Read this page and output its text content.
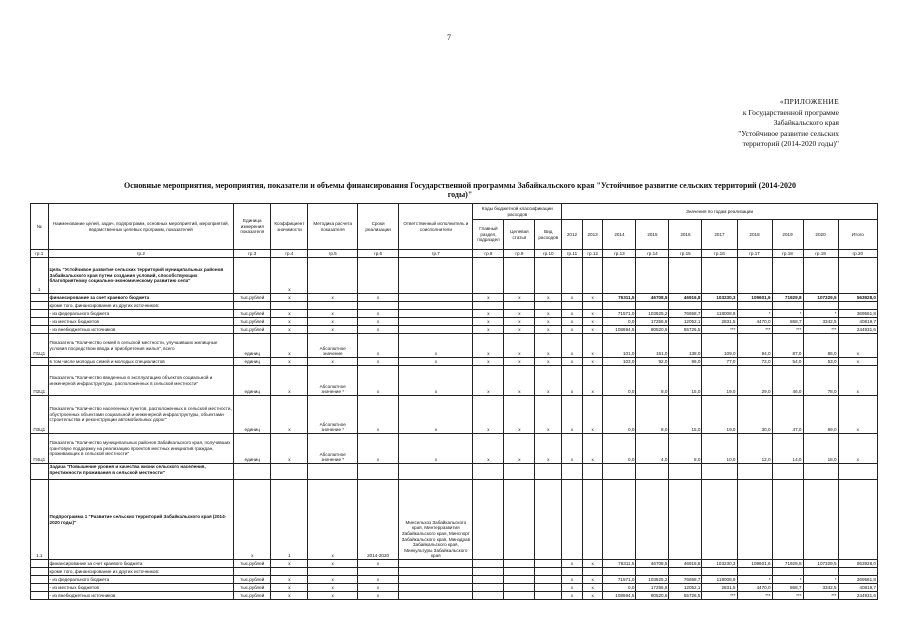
7
«ПРИЛОЖЕНИЕ
к Государственной программе
Забайкальского края
"Устойчивое развитие сельских
территорий (2014-2020 годы)"
Основные мероприятия, мероприятия, показатели и объемы финансирования Государственной программы Забайкальского края "Устойчивое развитие сельских территорий (2014-2020 годы)"
№	Наименование целей, задач, подпрограмм, основных мероприятий, мероприятий, ведомственных целевых программ, показателей	Единица измерения показателя	Коэффициент значимости	Методика расчета показателя	Сроки реализации	Ответственный исполнитель и соисполнители	Коды бюджетной классификации расходов			Значения по годам реализации									
							Главный раздел, подраздел	Целевая статья	Вид расходов	2012	2013	2014	2015	2016	2017	2018	2019	2020	Итого
гр.1	гр.2	гр.3	гр.4	гр.5	гр.6	гр.7	гр.8	гр.9	гр.10	гр.11	гр.12	гр.13	гр.14	гр.15	гр.16	гр.17	гр.18	гр.19	гр.20
1	Цель "Устойчивое развитие сельских территорий муниципальных районов Забайкальского края путем создания условий, способствующих благоприятному социально-экономическому развитию села"		x																
	финансирование за счет краевого бюджета	тыс.рублей	x	x	x		x	x	x	x	x	76311,5	46708,5	46916,8	103230,3	109601,6	71929,8	107329,5	563928,0
	кроме того, финансирование из других источников:																		
	- из федерального бюджета	тыс.рублей	x	x	x		x	x	x	x	x	71571,0	103925,2	76658,7	118008,9	*	*	*	369561,8
	- из местных бюджетов	тыс.рублей	x	x	x		x	x	x	x	x	0,0	17256,8	12052,1	2831,5	4470,0	868,7	3342,5	40819,7
	- из внебюджетных источников	тыс.рублей	x	x	x		x	x	x	x	x	108694,5	80520,6	55726,5	***	***	***	***	244931,6
П1Ц1	Показатель "Количество семей в сельской местности, улучшивших жилищные условия посредством ввода и приобретения жилья", всего	единиц	x	Абсолютное значение	x	x	x	x	x	x	x	101,0	151,0	138,0	109,0	94,0	87,0	85,0	x
	в том числе молодых семей и молодых специалистов	единиц	x	x	x	x	x	x	x	x	x	103,0	92,0	96,0	77,0	72,0	54,0	53,0	x
П2Ц1	Показатель "Количество введенных в эксплуатацию объектов социальной и инженерной инфраструктуры, расположенных в сельской местности"	единиц	x	Абсолютное значение *	x	x	x	x	x	x	x	0,0	8,0	15,0	19,0	29,0	46,0	78,0	x
П3Ц1	Показатель "Количество населенных пунктов, расположенных в сельской местности, обустроенных объектами социальной и инженерной инфраструктуры, объектами строительства и реконструкции автомобильных дорог"	единиц	x	Абсолютное значение *	x	x	x	x	x	x	x	0,0	8,0	15,0	19,0	30,0	47,0	69,0	x
П4Ц1	Показатель "Количество муниципальных районов Забайкальского края, получивших грантовую поддержку на реализацию проектов местных инициатив граждан, проживающих в сельской местности"	единиц	x	Абсолютное значение *	x	x	x	x	x	x	x	0,0	4,0	8,0	10,0	12,0	14,0	18,0	x
	Задача "Повышение уровня и качества жизни сельского населения, престижности проживания в сельской местности"																		
1.1	Подпрограмма 1 "Развитие сельских территорий Забайкальского края (2014-2020 годы)"	x	1	x	2014-2020	Минсельхоз Забайкальского края, Минтерразвития Забайкальского края, Минспорт Забайкальского края, Минздрав Забайкальского края, Минкультуры Забайкальского края													
	финансирование за счет краевого бюджета	тыс.рублей	x	x	x					x	x	76311,5	46708,5	46916,8	103230,3	109601,6	71929,8	107329,5	563928,0
	кроме того, финансирование из других источников:																		
	- из федерального бюджета	тыс.рублей	x	x	x					x	x	71571,0	103925,2	76658,7	118008,9	*	*	*	369561,8
	- из местных бюджетов	тыс.рублей	x	x	x					x	x	0,0	17256,8	12052,1	2831,5	4470,0	868,7	3342,5	40819,7
	- из внебюджетных источников	тыс.рублей	x	x	x					x	x	108694,5	80520,6	55726,5	***	***	***	***	244931,6
